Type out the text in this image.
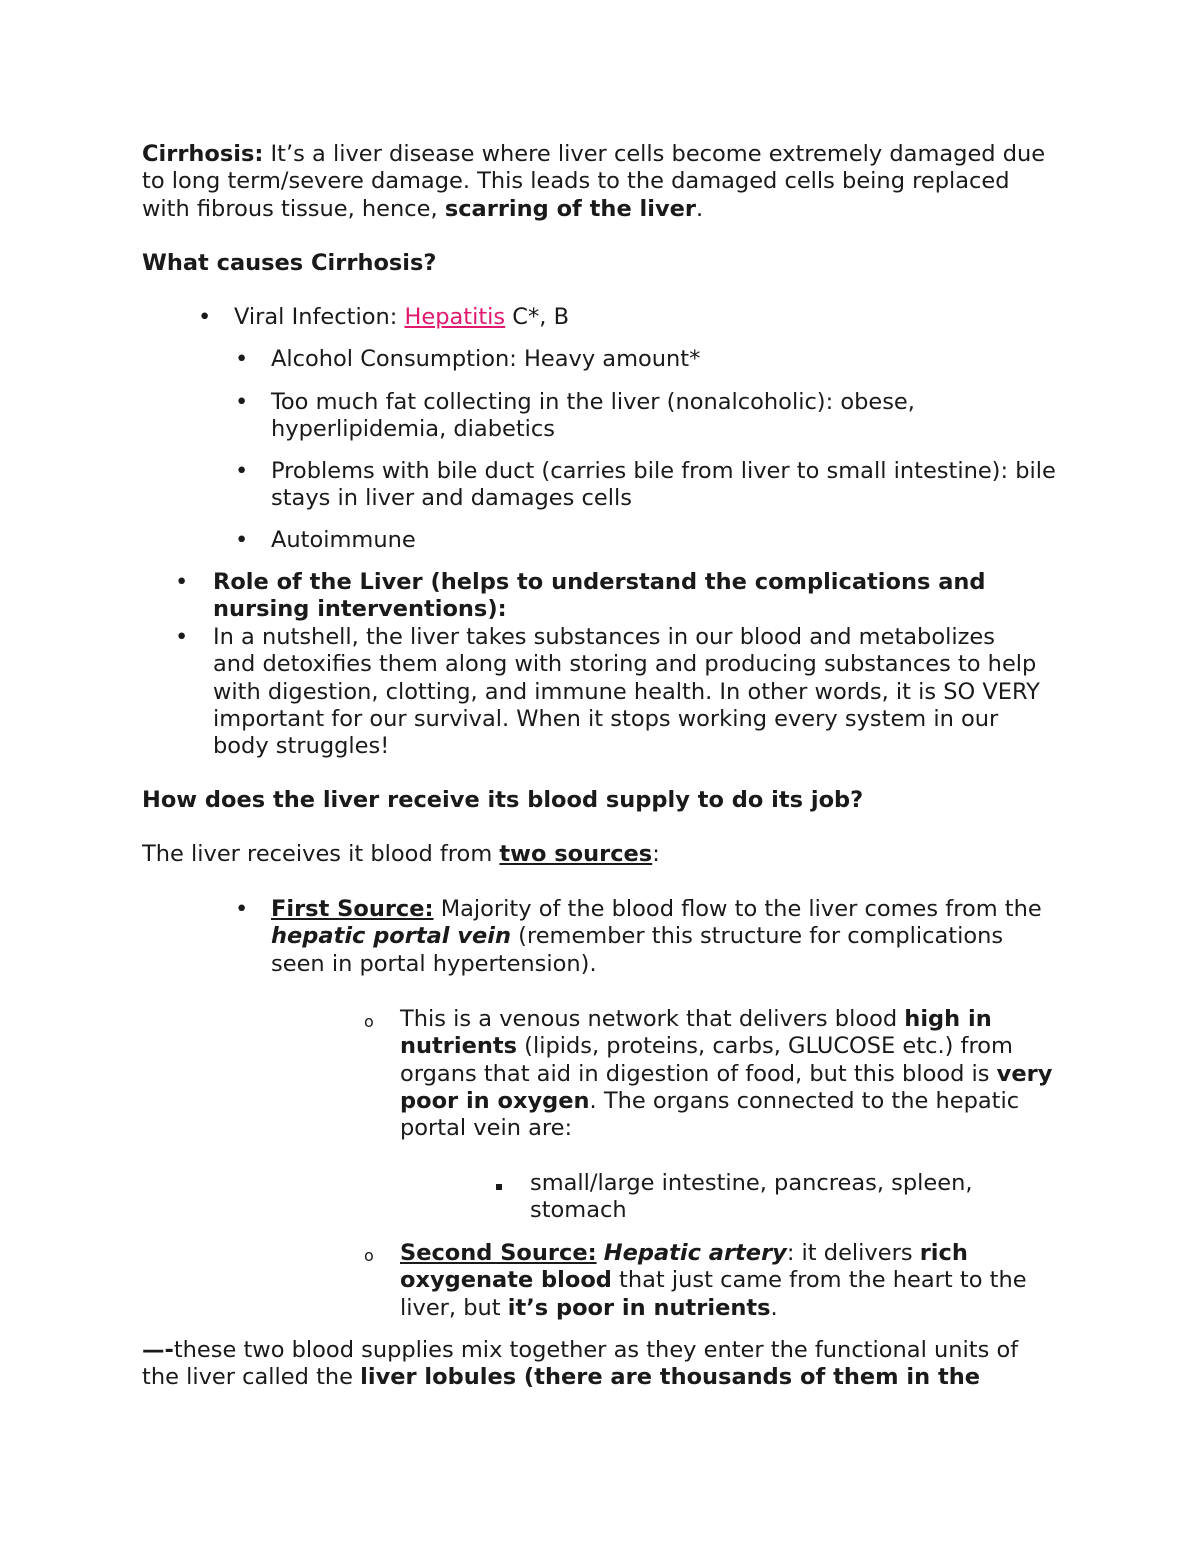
Cirrhosis: It’s a liver disease where liver cells become extremely damaged due to long term/severe damage. This leads to the damaged cells being replaced with fibrous tissue, hence, scarring of the liver.

What causes Cirrhosis?

•
Viral Infection: Hepatitis C*, B
•
Alcohol Consumption: Heavy amount*
•
Too much fat collecting in the liver (nonalcoholic): obese, hyperlipidemia, diabetics
•
Problems with bile duct (carries bile from liver to small intestine): bile stays in liver and damages cells
•
Autoimmune
•
Role of the Liver (helps to understand the complications and nursing interventions):
•
In a nutshell, the liver takes substances in our blood and metabolizes and detoxifies them along with storing and producing substances to help with digestion, clotting, and immune health. In other words, it is SO VERY important for our survival. When it stops working every system in our body struggles!

How does the liver receive its blood supply to do its job?

The liver receives it blood from two sources:

•
First Source: Majority of the blood flow to the liver comes from the hepatic portal vein (remember this structure for complications seen in portal hypertension).
o	This is a venous network that delivers blood high in nutrients (lipids, proteins, carbs, GLUCOSE etc.) from organs that aid in digestion of food, but this blood is very poor in oxygen. The organs connected to the hepatic portal vein are:
small/large intestine, pancreas, spleen, stomach
o	Second Source: Hepatic artery: it delivers rich oxygenate blood that just came from the heart to the liver, but it’s poor in nutrients.

—-these two blood supplies mix together as they enter the functional units of the liver called the liver lobules (there are thousands of them in the
